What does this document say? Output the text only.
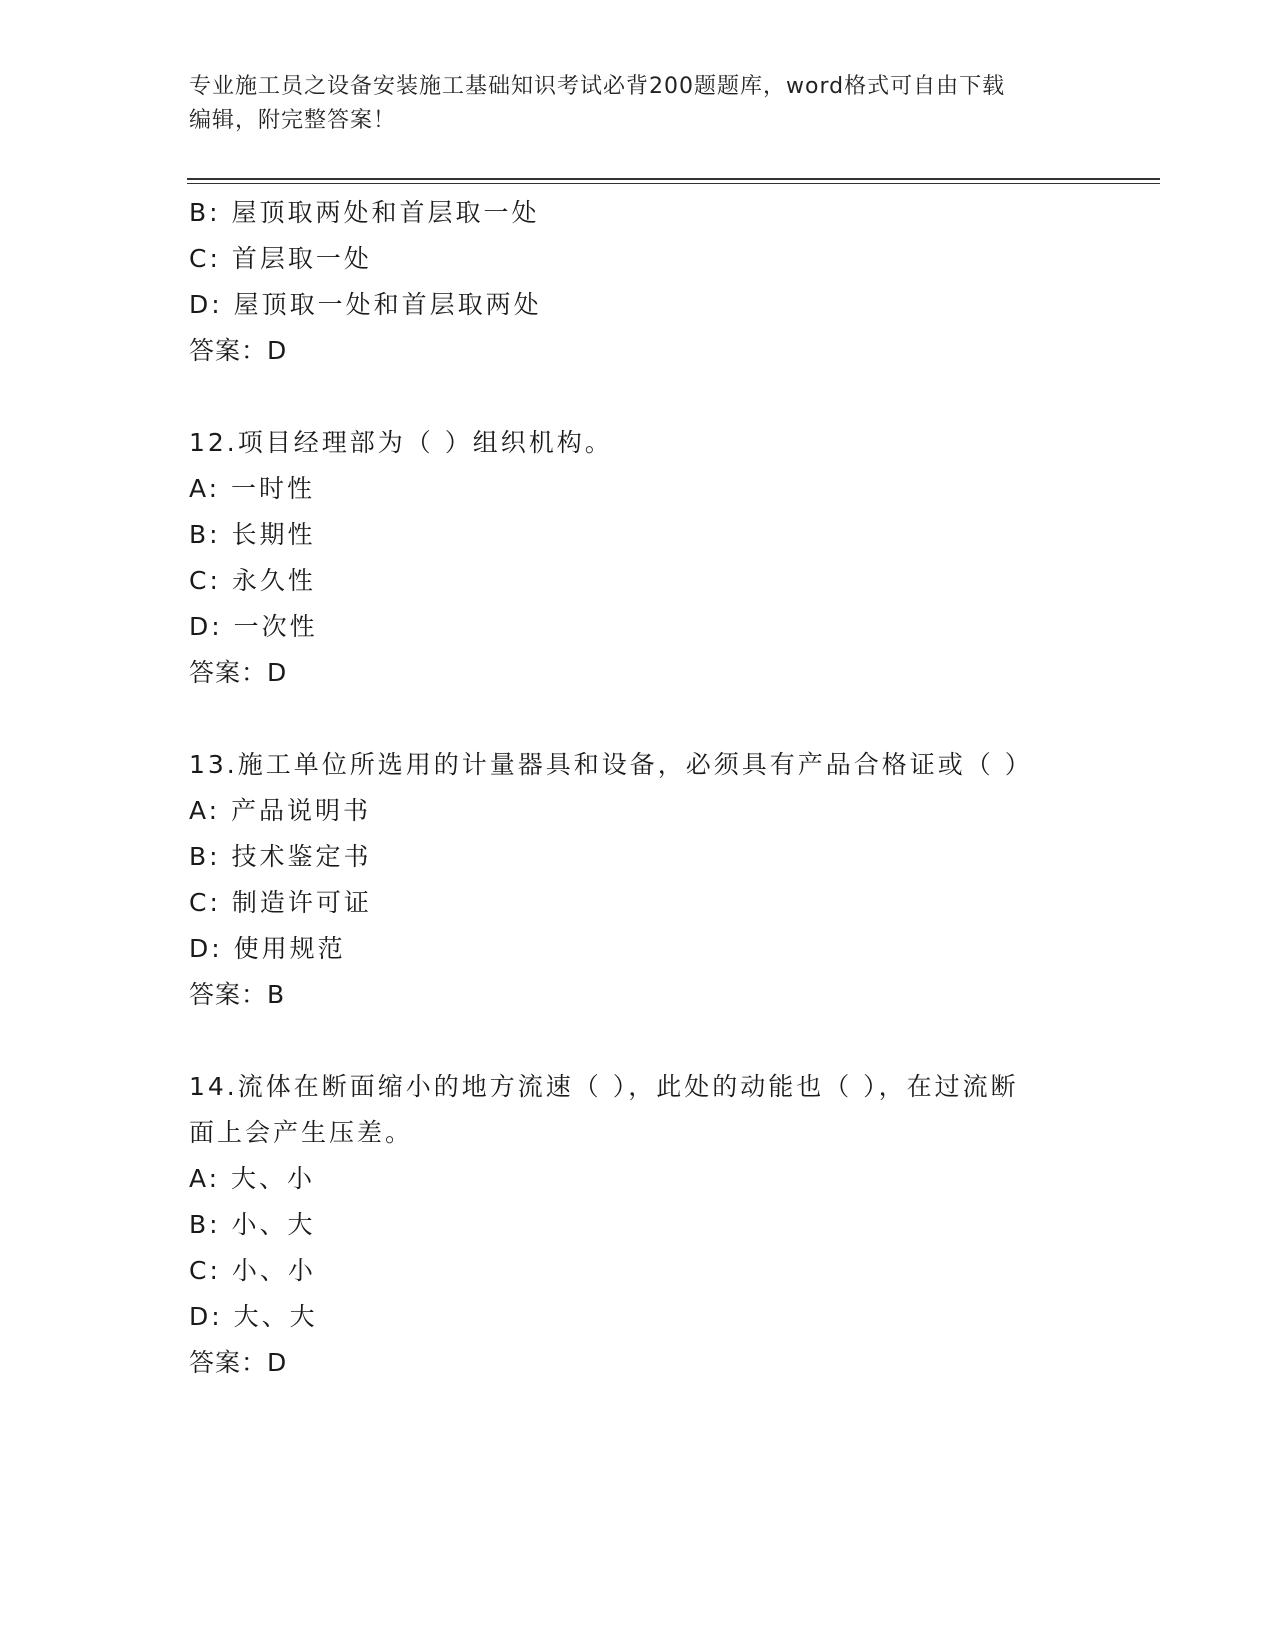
专业施工员之设备安装施工基础知识考试必背200题题库，word格式可自由下载
编辑，附完整答案！
B: 屋顶取两处和首层取一处
C: 首层取一处
D: 屋顶取一处和首层取两处
答案：D
12.项目经理部为（ ）组织机构。
A: 一时性
B: 长期性
C: 永久性
D: 一次性
答案：D
13.施工单位所选用的计量器具和设备，必须具有产品合格证或（ ）
A: 产品说明书
B: 技术鉴定书
C: 制造许可证
D: 使用规范
答案：B
14.流体在断面缩小的地方流速（ ），此处的动能也（ ），在过流断
面上会产生压差。
A: 大、小
B: 小、大
C: 小、小
D: 大、大
答案：D
